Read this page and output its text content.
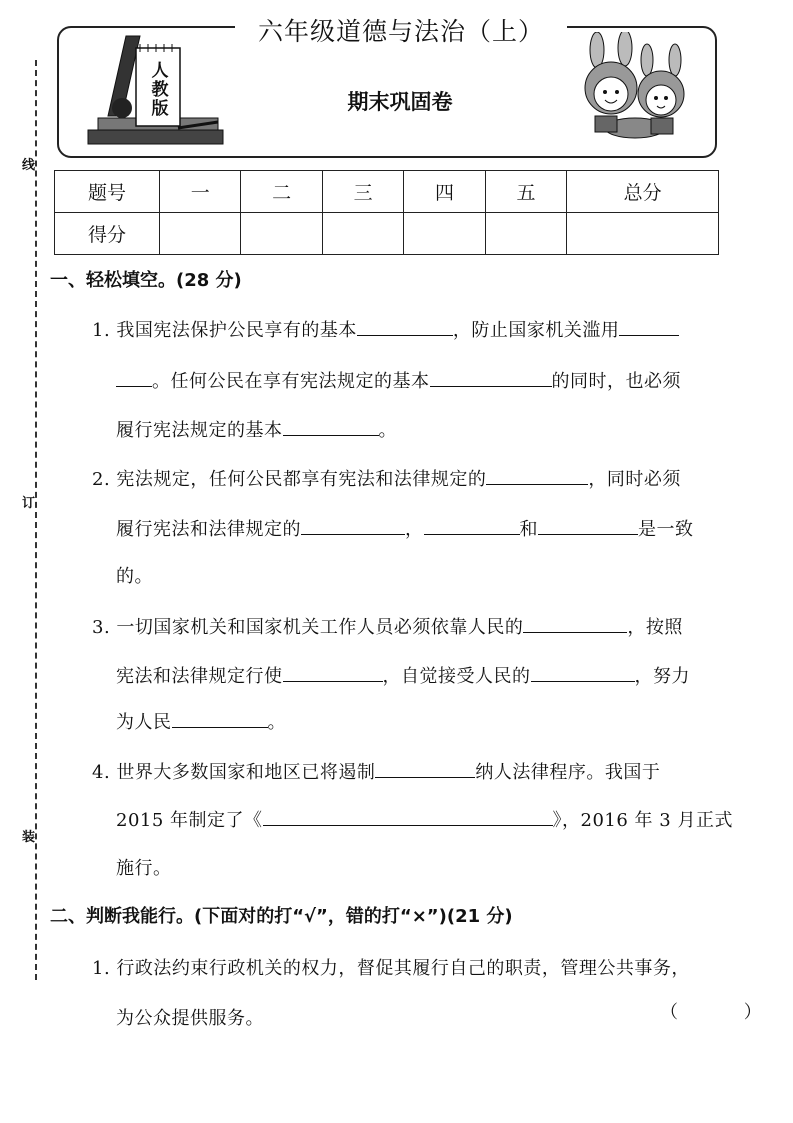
线
订
装
六年级道德与法治（上）
人教版	期末巩固卷
题号	一	二	三	四	五	总分
得分						
一、轻松填空。(28 分)
1. 我国宪法保护公民享有的基本	，防止国家机关滥用
。任何公民在享有宪法规定的基本	的同时，也必须
履行宪法规定的基本	。
2. 宪法规定，任何公民都享有宪法和法律规定的	，同时必须
履行宪法和法律规定的	，	和	是一致
的。
3. 一切国家机关和国家机关工作人员必须依靠人民的	，按照
宪法和法律规定行使	，自觉接受人民的	，努力
为人民	。
4. 世界大多数国家和地区已将遏制	纳人法律程序。我国于
2015 年制定了《	》，2016 年 3 月正式
施行。
二、判断我能行。(下面对的打“√”，错的打“×”)(21 分)
1. 行政法约束行政机关的权力，督促其履行自己的职责，管理公共事务，
为公众提供服务。	（ ）
